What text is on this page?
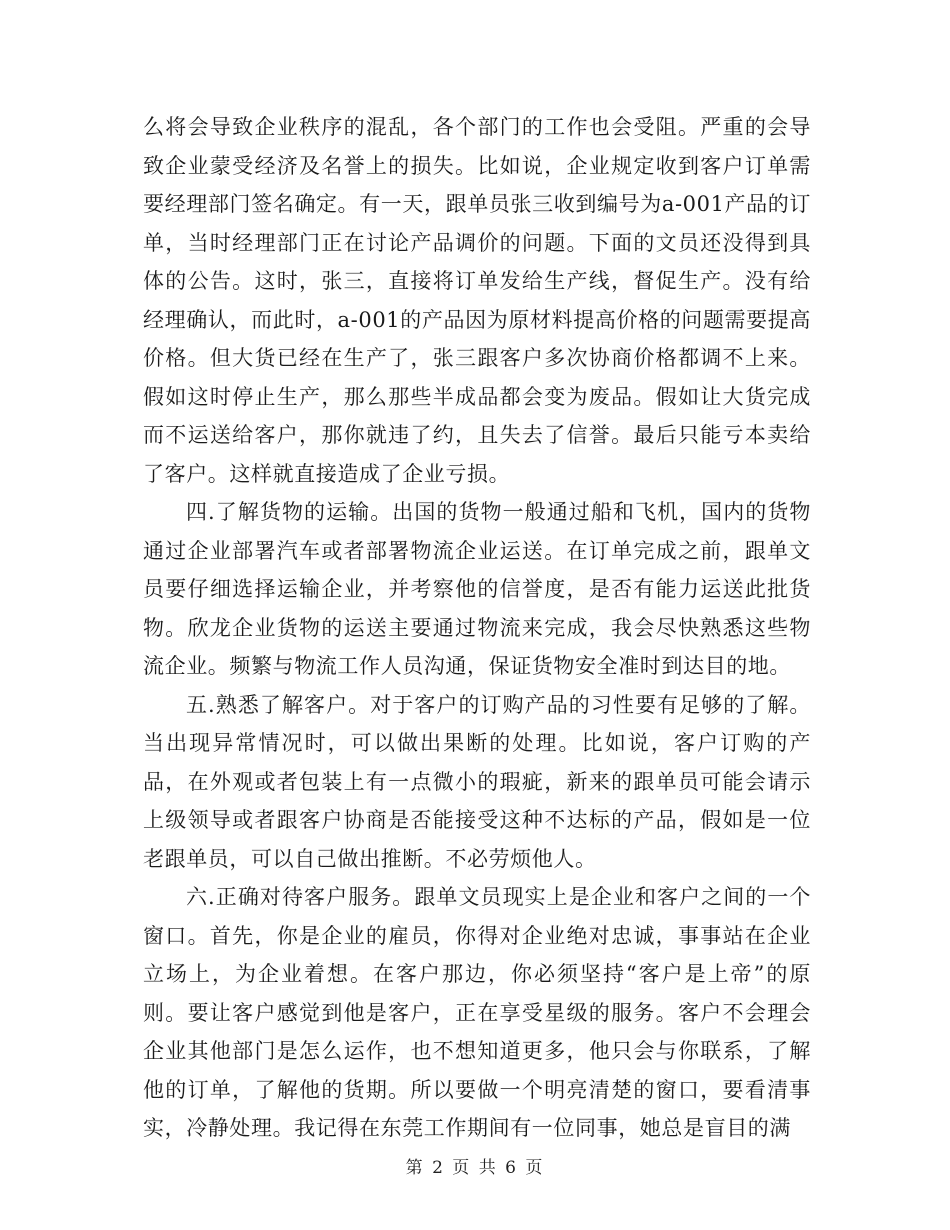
么将会导致企业秩序的混乱，各个部门的工作也会受阻。严重的会导致企业蒙受经济及名誉上的损失。比如说，企业规定收到客户订单需要经理部门签名确定。有一天，跟单员张三收到编号为a-001产品的订单，当时经理部门正在讨论产品调价的问题。下面的文员还没得到具体的公告。这时，张三，直接将订单发给生产线，督促生产。没有给经理确认，而此时，a-001的产品因为原材料提高价格的问题需要提高价格。但大货已经在生产了，张三跟客户多次协商价格都调不上来。假如这时停止生产，那么那些半成品都会变为废品。假如让大货完成而不运送给客户，那你就违了约，且失去了信誉。最后只能亏本卖给了客户。这样就直接造成了企业亏损。

四.了解货物的运输。出国的货物一般通过船和飞机，国内的货物通过企业部署汽车或者部署物流企业运送。在订单完成之前，跟单文员要仔细选择运输企业，并考察他的信誉度，是否有能力运送此批货物。欣龙企业货物的运送主要通过物流来完成，我会尽快熟悉这些物流企业。频繁与物流工作人员沟通，保证货物安全准时到达目的地。

五.熟悉了解客户。对于客户的订购产品的习性要有足够的了解。当出现异常情况时，可以做出果断的处理。比如说，客户订购的产品，在外观或者包装上有一点微小的瑕疵，新来的跟单员可能会请示上级领导或者跟客户协商是否能接受这种不达标的产品，假如是一位老跟单员，可以自己做出推断。不必劳烦他人。

六.正确对待客户服务。跟单文员现实上是企业和客户之间的一个窗口。首先，你是企业的雇员，你得对企业绝对忠诚，事事站在企业立场上，为企业着想。在客户那边，你必须坚持“客户是上帝”的原则。要让客户感觉到他是客户，正在享受星级的服务。客户不会理会企业其他部门是怎么运作，也不想知道更多，他只会与你联系，了解他的订单，了解他的货期。所以要做一个明亮清楚的窗口，要看清事实，冷静处理。我记得在东莞工作期间有一位同事，她总是盲目的满

第 2 页 共 6 页
